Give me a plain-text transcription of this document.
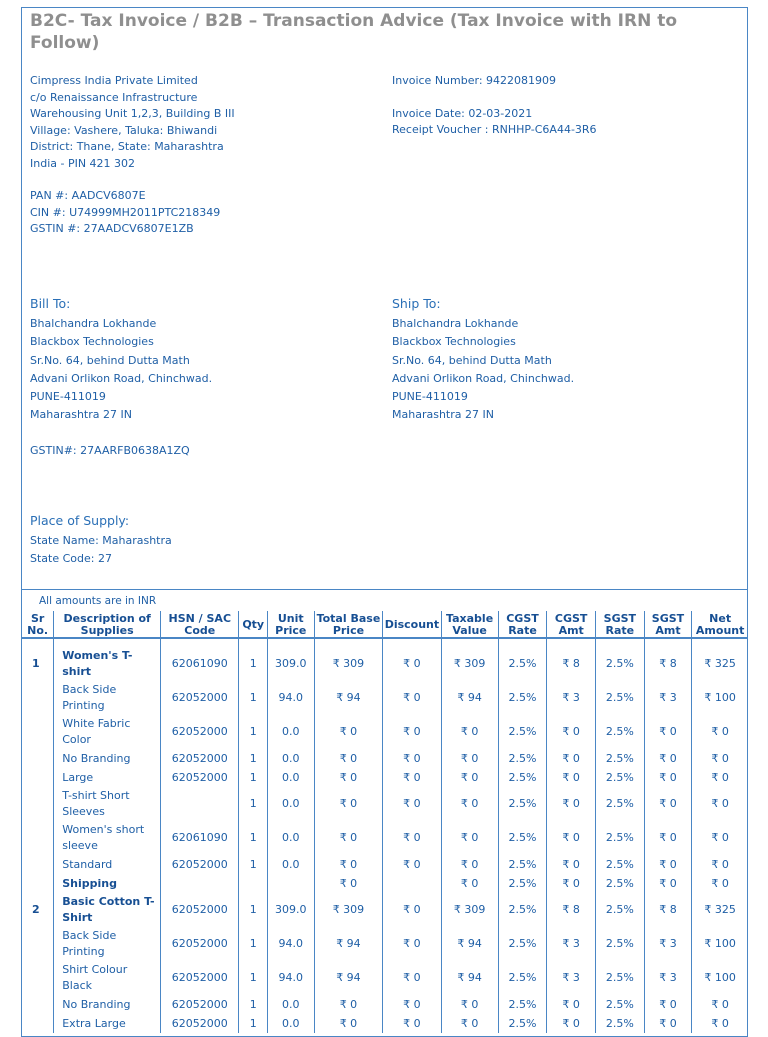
B2C- Tax Invoice / B2B – Transaction Advice (Tax Invoice with IRN to Follow)
Cimpress India Private Limited
c/o Renaissance Infrastructure
Warehousing Unit 1,2,3, Building B III
Village: Vashere, Taluka: Bhiwandi
District: Thane, State: Maharashtra
India - PIN 421 302
PAN #: AADCV6807E
CIN #: U74999MH2011PTC218349
GSTIN #: 27AADCV6807E1ZB
Invoice Number: 9422081909
Invoice Date: 02-03-2021
Receipt Voucher : RNHHP-C6A44-3R6
Bill To:
Bhalchandra Lokhande
Blackbox Technologies
Sr.No. 64, behind Dutta Math
Advani Orlikon Road, Chinchwad.
PUNE-411019
Maharashtra 27 IN
GSTIN#: 27AARFB0638A1ZQ
Ship To:
Bhalchandra Lokhande
Blackbox Technologies
Sr.No. 64, behind Dutta Math
Advani Orlikon Road, Chinchwad.
PUNE-411019
Maharashtra 27 IN
Place of Supply:
State Name: Maharashtra
State Code: 27
All amounts are in INR
Sr No.	Description of Supplies	HSN / SAC Code	Qty	Unit Price	Total Base Price	Discount	Taxable Value	CGST Rate	CGST Amt	SGST Rate	SGST Amt	Net Amount

1	Women's T-shirt	62061090	1	309.0	₹ 309	₹ 0	₹ 309	2.5%	₹ 8	2.5%	₹ 8	₹ 325
	Back Side Printing	62052000	1	94.0	₹ 94	₹ 0	₹ 94	2.5%	₹ 3	2.5%	₹ 3	₹ 100
	White Fabric Color	62052000	1	0.0	₹ 0	₹ 0	₹ 0	2.5%	₹ 0	2.5%	₹ 0	₹ 0
	No Branding	62052000	1	0.0	₹ 0	₹ 0	₹ 0	2.5%	₹ 0	2.5%	₹ 0	₹ 0
	Large	62052000	1	0.0	₹ 0	₹ 0	₹ 0	2.5%	₹ 0	2.5%	₹ 0	₹ 0
	T-shirt Short Sleeves		1	0.0	₹ 0	₹ 0	₹ 0	2.5%	₹ 0	2.5%	₹ 0	₹ 0
	Women's short sleeve	62061090	1	0.0	₹ 0	₹ 0	₹ 0	2.5%	₹ 0	2.5%	₹ 0	₹ 0
	Standard	62052000	1	0.0	₹ 0	₹ 0	₹ 0	2.5%	₹ 0	2.5%	₹ 0	₹ 0
	Shipping				₹ 0		₹ 0	2.5%	₹ 0	2.5%	₹ 0	₹ 0
2	Basic Cotton T-Shirt	62052000	1	309.0	₹ 309	₹ 0	₹ 309	2.5%	₹ 8	2.5%	₹ 8	₹ 325
	Back Side Printing	62052000	1	94.0	₹ 94	₹ 0	₹ 94	2.5%	₹ 3	2.5%	₹ 3	₹ 100
	Shirt Colour Black	62052000	1	94.0	₹ 94	₹ 0	₹ 94	2.5%	₹ 3	2.5%	₹ 3	₹ 100
	No Branding	62052000	1	0.0	₹ 0	₹ 0	₹ 0	2.5%	₹ 0	2.5%	₹ 0	₹ 0
	Extra Large	62052000	1	0.0	₹ 0	₹ 0	₹ 0	2.5%	₹ 0	2.5%	₹ 0	₹ 0
